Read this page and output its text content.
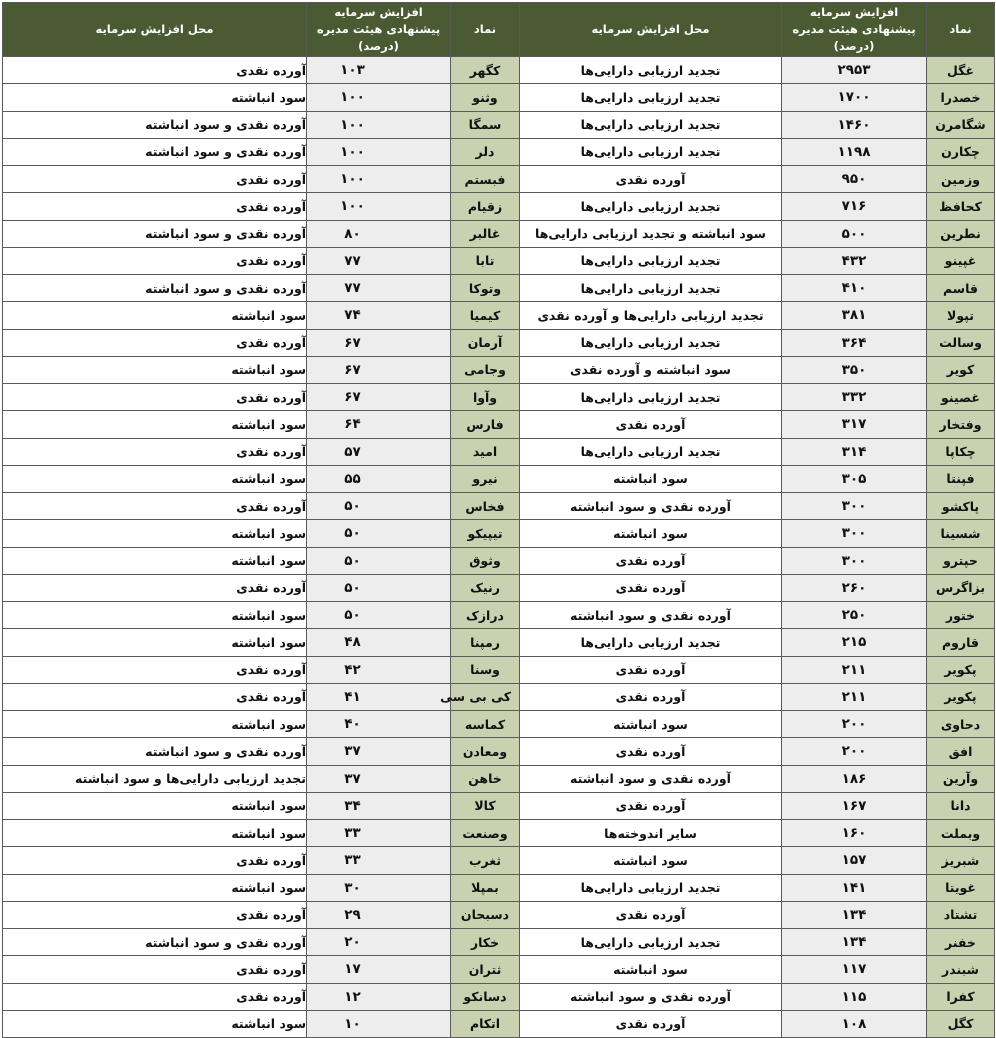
نماد	افزایش سرمایه پیشنهادی هیئت مدیره (درصد)	محل افزایش سرمایه	نماد	افزایش سرمایه پیشنهادی هیئت مدیره (درصد)	محل افزایش سرمایه
غگل	۲۹۵۳	تجدید ارزیابی دارایی‌ها	کگهر	۱۰۳	آورده نقدی
خصدرا	۱۷۰۰	تجدید ارزیابی دارایی‌ها	وثنو	۱۰۰	سود انباشته
شگامرن	۱۴۶۰	تجدید ارزیابی دارایی‌ها	سمگا	۱۰۰	آورده نقدی و سود انباشته
چکارن	۱۱۹۸	تجدید ارزیابی دارایی‌ها	دلر	۱۰۰	آورده نقدی و سود انباشته
وزمین	۹۵۰	آورده نقدی	فبستم	۱۰۰	آورده نقدی
کحافظ	۷۱۶	تجدید ارزیابی دارایی‌ها	زقیام	۱۰۰	آورده نقدی
نطرین	۵۰۰	سود انباشته و تجدید ارزیابی دارایی‌ها	غالبر	۸۰	آورده نقدی و سود انباشته
غپینو	۴۳۲	تجدید ارزیابی دارایی‌ها	تابا	۷۷	آورده نقدی
قاسم	۴۱۰	تجدید ارزیابی دارایی‌ها	وتوکا	۷۷	آورده نقدی و سود انباشته
تپولا	۳۸۱	تجدید ارزیابی دارایی‌ها و آورده نقدی	کیمیا	۷۴	سود انباشته
وسالت	۳۶۴	تجدید ارزیابی دارایی‌ها	آرمان	۶۷	آورده نقدی
کویر	۳۵۰	سود انباشته و آورده نقدی	وجامی	۶۷	سود انباشته
غصینو	۳۳۲	تجدید ارزیابی دارایی‌ها	وآوا	۶۷	آورده نقدی
وفتخار	۳۱۷	آورده نقدی	فارس	۶۴	سود انباشته
چکاپا	۳۱۴	تجدید ارزیابی دارایی‌ها	امید	۵۷	آورده نقدی
فپنتا	۳۰۵	سود انباشته	نیرو	۵۵	سود انباشته
پاکشو	۳۰۰	آورده نقدی و سود انباشته	فخاس	۵۰	آورده نقدی
شسینا	۳۰۰	سود انباشته	تیپیکو	۵۰	سود انباشته
حپترو	۳۰۰	آورده نقدی	وثوق	۵۰	سود انباشته
بزاگرس	۲۶۰	آورده نقدی	رنیک	۵۰	آورده نقدی
ختور	۲۵۰	آورده نقدی و سود انباشته	درازک	۵۰	سود انباشته
قاروم	۲۱۵	تجدید ارزیابی دارایی‌ها	رمپنا	۴۸	سود انباشته
پکویر	۲۱۱	آورده نقدی	وسنا	۴۲	آورده نقدی
پکویر	۲۱۱	آورده نقدی	کی بی سی	۴۱	آورده نقدی
دحاوی	۲۰۰	سود انباشته	کماسه	۴۰	سود انباشته
افق	۲۰۰	آورده نقدی	ومعادن	۳۷	آورده نقدی و سود انباشته
وآرین	۱۸۶	آورده نقدی و سود انباشته	خاهن	۳۷	تجدید ارزیابی دارایی‌ها و سود انباشته
دانا	۱۶۷	آورده نقدی	کالا	۳۴	سود انباشته
وبملت	۱۶۰	سایر اندوخته‌ها	وصنعت	۳۳	سود انباشته
شبریز	۱۵۷	سود انباشته	ثغرب	۳۳	آورده نقدی
غویتا	۱۴۱	تجدید ارزیابی دارایی‌ها	بمپلا	۳۰	سود انباشته
تشتاد	۱۳۴	آورده نقدی	دسبحان	۲۹	آورده نقدی
خفنر	۱۳۴	تجدید ارزیابی دارایی‌ها	خکار	۲۰	آورده نقدی و سود انباشته
شبندر	۱۱۷	سود انباشته	ثتران	۱۷	آورده نقدی
کفرا	۱۱۵	آورده نقدی و سود انباشته	دسانکو	۱۲	آورده نقدی
کگل	۱۰۸	آورده نقدی	اتکام	۱۰	سود انباشته
